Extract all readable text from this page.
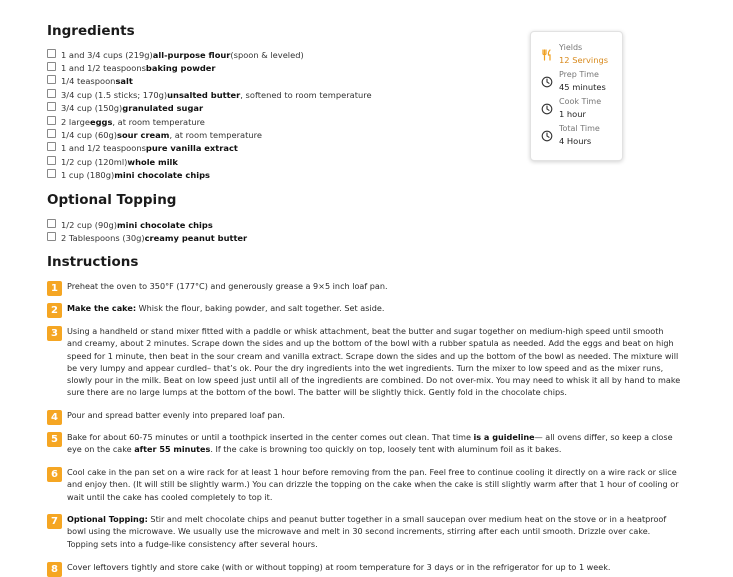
Ingredients
1 and 3/4 cups (219g) all-purpose flour (spoon & leveled)
1 and 1/2 teaspoons baking powder
1/4 teaspoon salt
3/4 cup (1.5 sticks; 170g) unsalted butter , softened to room temperature
3/4 cup (150g) granulated sugar
2 large eggs , at room temperature
1/4 cup (60g) sour cream , at room temperature
1 and 1/2 teaspoons pure vanilla extract
1/2 cup (120ml) whole milk
1 cup (180g) mini chocolate chips
Optional Topping
1/2 cup (90g) mini chocolate chips
2 Tablespoons (30g) creamy peanut butter
Yields
12 Servings
Prep Time
45 minutes
Cook Time
1 hour
Total Time
4 Hours
Instructions
1	Preheat the oven to 350°F (177°C) and generously grease a 9×5 inch loaf pan.
2	Make the cake: Whisk the flour, baking powder, and salt together. Set aside.
3	Using a handheld or stand mixer fitted with a paddle or whisk attachment, beat the butter and sugar together on medium-high speed until smooth and creamy, about 2 minutes. Scrape down the sides and up the bottom of the bowl with a rubber spatula as needed. Add the eggs and beat on high speed for 1 minute, then beat in the sour cream and vanilla extract. Scrape down the sides and up the bottom of the bowl as needed. The mixture will be very lumpy and appear curdled– that’s ok. Pour the dry ingredients into the wet ingredients. Turn the mixer to low speed and as the mixer runs, slowly pour in the milk. Beat on low speed just until all of the ingredients are combined. Do not over-mix. You may need to whisk it all by hand to make sure there are no large lumps at the bottom of the bowl. The batter will be slightly thick. Gently fold in the chocolate chips.
4	Pour and spread batter evenly into prepared loaf pan.
5	Bake for about 60-75 minutes or until a toothpick inserted in the center comes out clean. That time is a guideline— all ovens differ, so keep a close eye on the cake after 55 minutes. If the cake is browning too quickly on top, loosely tent with aluminum foil as it bakes.
6	Cool cake in the pan set on a wire rack for at least 1 hour before removing from the pan. Feel free to continue cooling it directly on a wire rack or slice and enjoy then. (It will still be slightly warm.) You can drizzle the topping on the cake when the cake is still slightly warm after that 1 hour of cooling or wait until the cake has cooled completely to top it.
7	Optional Topping: Stir and melt chocolate chips and peanut butter together in a small saucepan over medium heat on the stove or in a heatproof bowl using the microwave. We usually use the microwave and melt in 30 second increments, stirring after each until smooth. Drizzle over cake. Topping sets into a fudge-like consistency after several hours.
8	Cover leftovers tightly and store cake (with or without topping) at room temperature for 3 days or in the refrigerator for up to 1 week.
